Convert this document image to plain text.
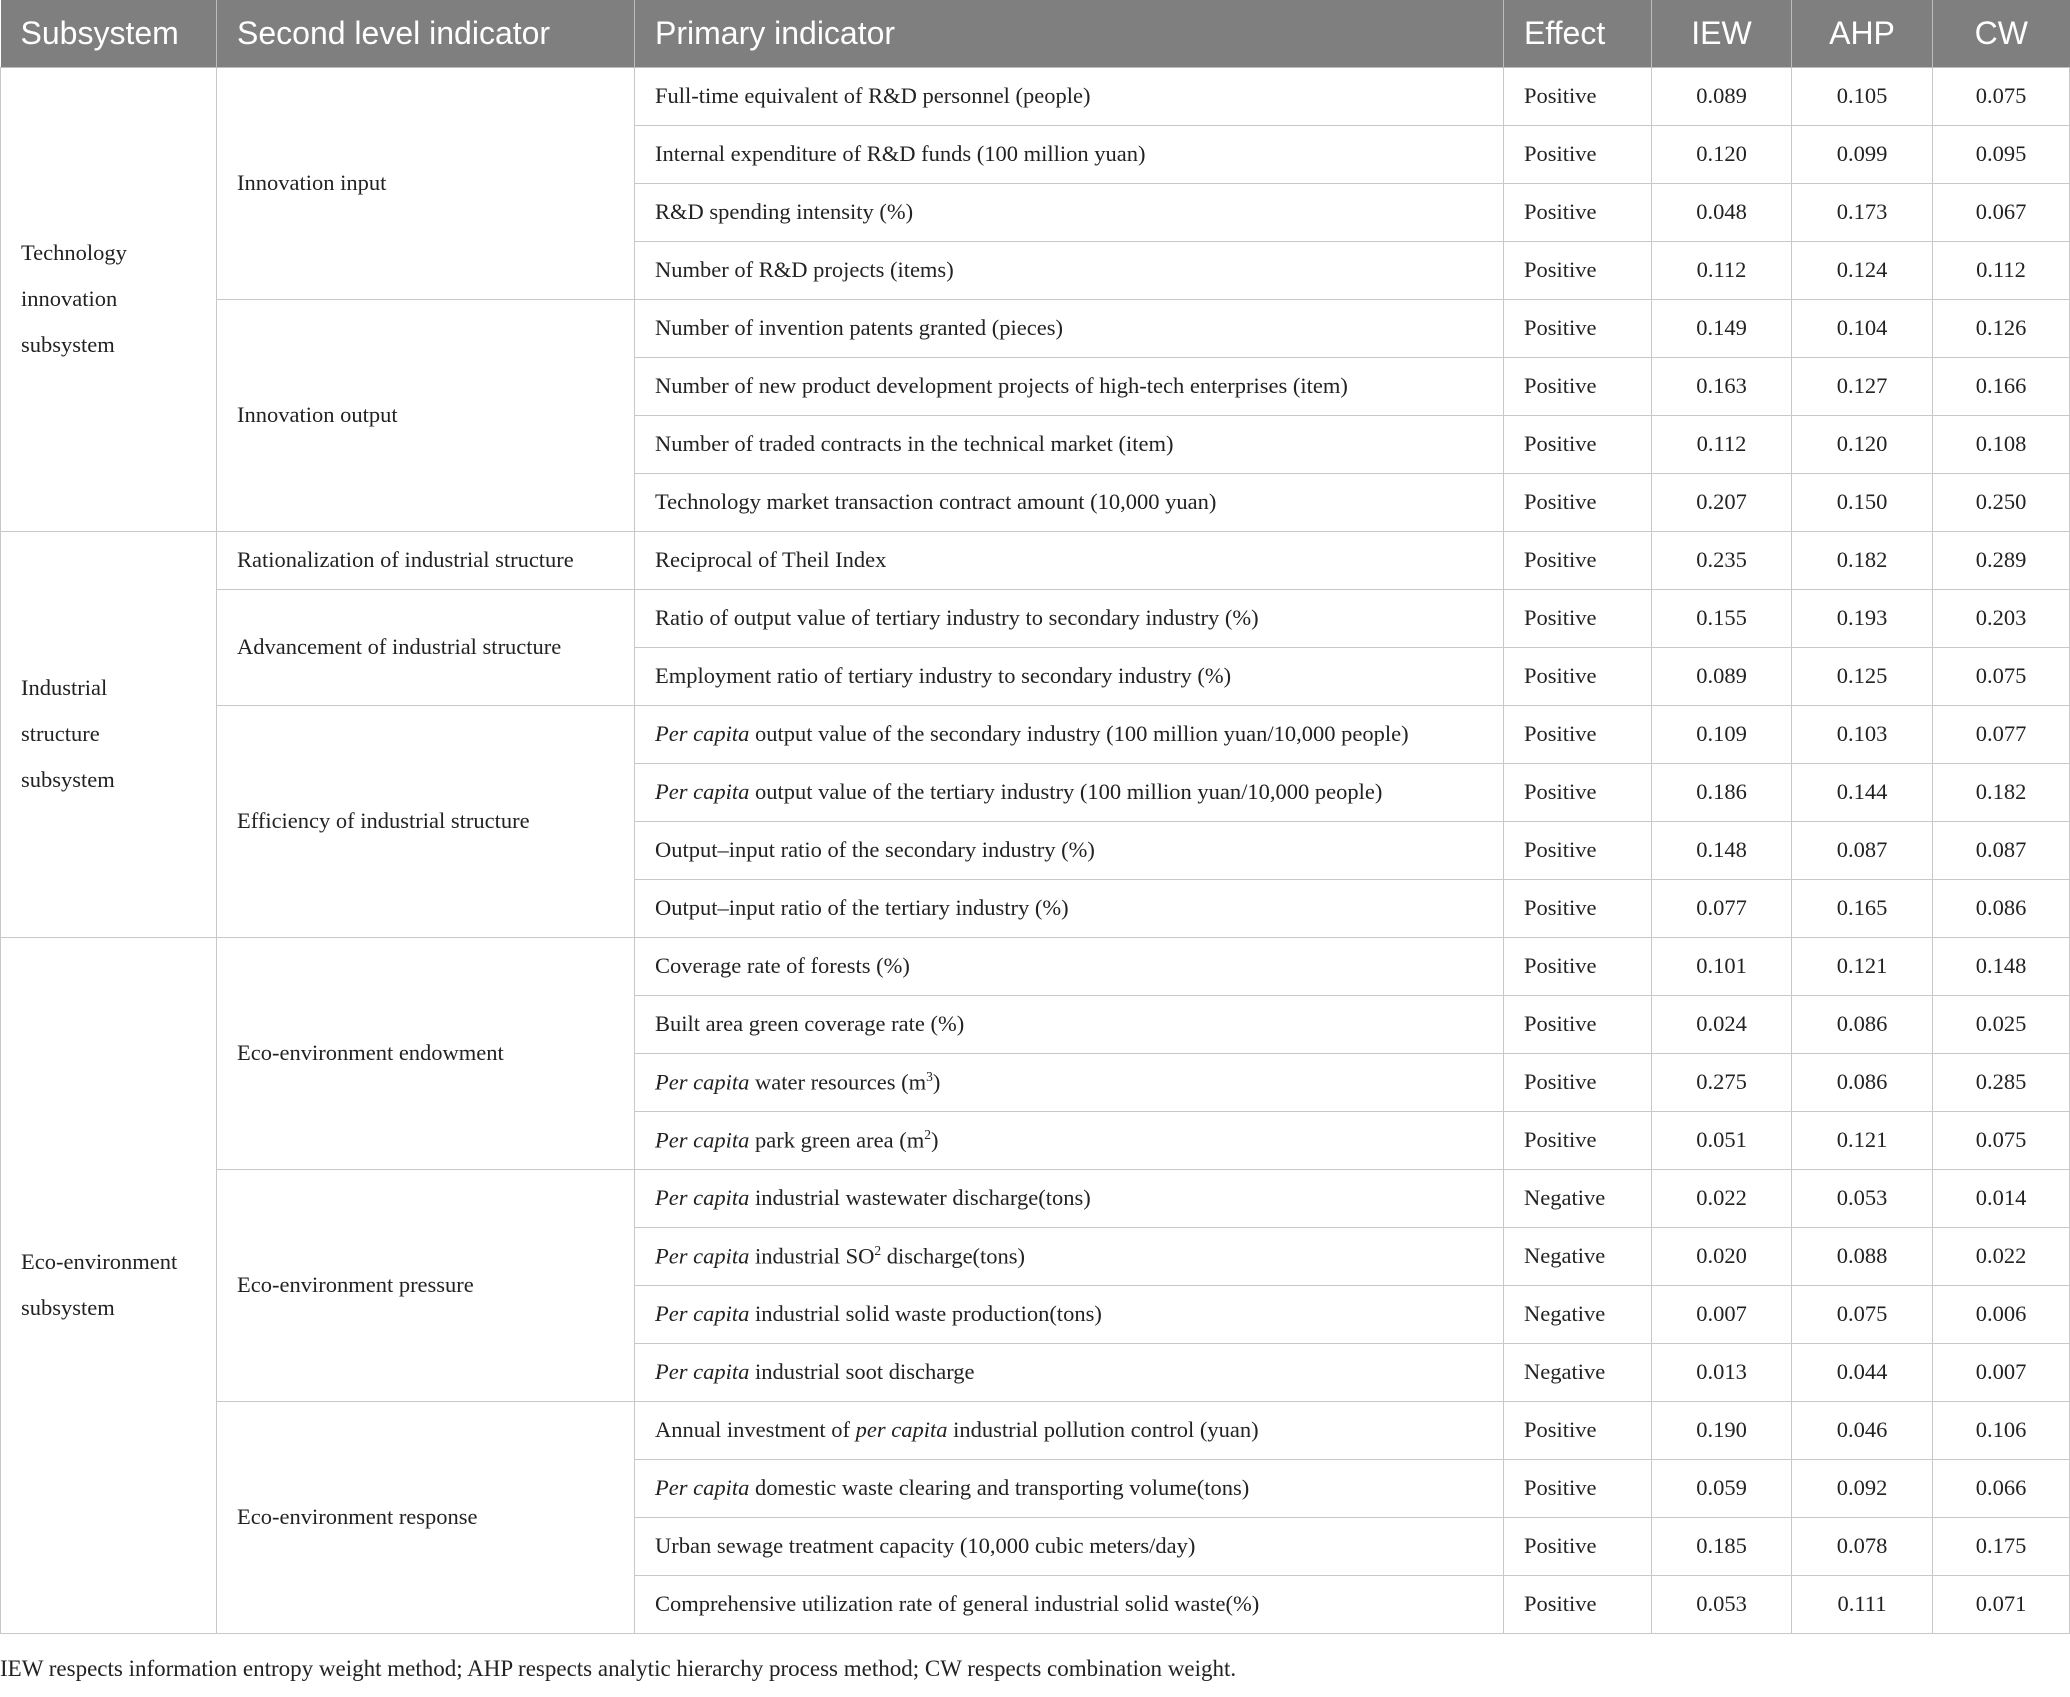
Subsystem	Second level indicator	Primary indicator	Effect	IEW	AHP	CW
Technology
innovation
subsystem	Innovation input	Full-time equivalent of R&D personnel (people)	Positive	0.089	0.105	0.075
		Internal expenditure of R&D funds (100 million yuan)	Positive	0.120	0.099	0.095
		R&D spending intensity (%)	Positive	0.048	0.173	0.067
		Number of R&D projects (items)	Positive	0.112	0.124	0.112
	Innovation output	Number of invention patents granted (pieces)	Positive	0.149	0.104	0.126
		Number of new product development projects of high-tech enterprises (item)	Positive	0.163	0.127	0.166
		Number of traded contracts in the technical market (item)	Positive	0.112	0.120	0.108
		Technology market transaction contract amount (10,000 yuan)	Positive	0.207	0.150	0.250
Industrial
structure
subsystem	Rationalization of industrial structure	Reciprocal of Theil Index	Positive	0.235	0.182	0.289
	Advancement of industrial structure	Ratio of output value of tertiary industry to secondary industry (%)	Positive	0.155	0.193	0.203
		Employment ratio of tertiary industry to secondary industry (%)	Positive	0.089	0.125	0.075
	Efficiency of industrial structure	Per capita output value of the secondary industry (100 million yuan/10,000 people)	Positive	0.109	0.103	0.077
		Per capita output value of the tertiary industry (100 million yuan/10,000 people)	Positive	0.186	0.144	0.182
		Output–input ratio of the secondary industry (%)	Positive	0.148	0.087	0.087
		Output–input ratio of the tertiary industry (%)	Positive	0.077	0.165	0.086
Eco-environment
subsystem	Eco-environment endowment	Coverage rate of forests (%)	Positive	0.101	0.121	0.148
		Built area green coverage rate (%)	Positive	0.024	0.086	0.025
		Per capita water resources $(m^3)$	Positive	0.275	0.086	0.285
		Per capita park green area $(m^2)$	Positive	0.051	0.121	0.075
	Eco-environment pressure	Per capita industrial wastewater discharge(tons)	Negative	0.022	0.053	0.014
		Per capita industrial $SO^2$ discharge(tons)	Negative	0.020	0.088	0.022
		Per capita industrial solid waste production(tons)	Negative	0.007	0.075	0.006
		Per capita industrial soot discharge	Negative	0.013	0.044	0.007
	Eco-environment response	Annual investment of per capita industrial pollution control (yuan)	Positive	0.190	0.046	0.106
		Per capita domestic waste clearing and transporting volume(tons)	Positive	0.059	0.092	0.066
		Urban sewage treatment capacity (10,000 cubic meters/day)	Positive	0.185	0.078	0.175
		Comprehensive utilization rate of general industrial solid waste(%)	Positive	0.053	0.111	0.071
IEW respects information entropy weight method; AHP respects analytic hierarchy process method; CW respects combination weight.
